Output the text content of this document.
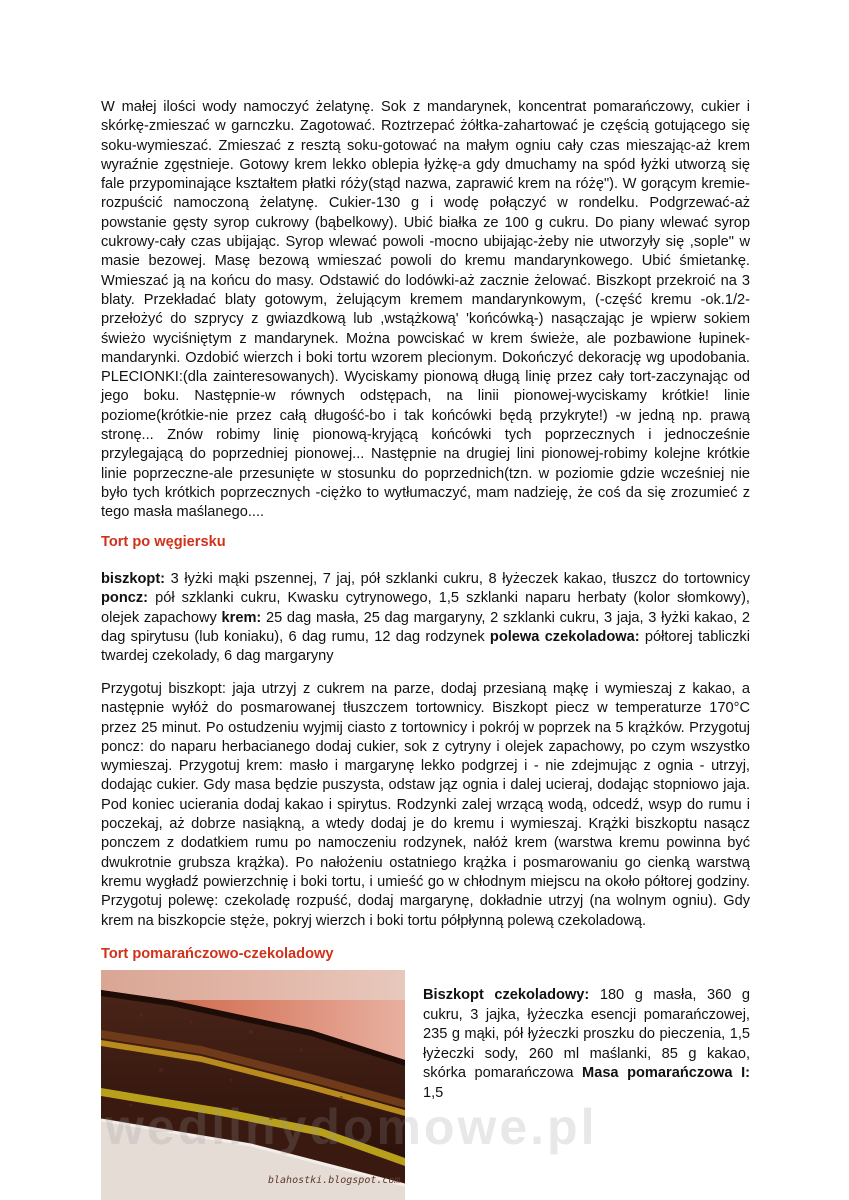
W małej ilości wody namoczyć żelatynę. Sok z mandarynek, koncentrat pomarańczowy, cukier i skórkę-zmieszać w garnczku. Zagotować. Roztrzepać żółtka-zahartować je częścią gotującego się soku-wymieszać. Zmieszać z resztą soku-gotować na małym ogniu cały czas mieszając-aż krem wyraźnie zgęstnieje. Gotowy krem lekko oblepia łyżkę-a gdy dmuchamy na spód łyżki utworzą się fale przypominające kształtem płatki róży(stąd nazwa, zaprawić krem na różę"). W gorącym kremie-rozpuścić namoczoną żelatynę. Cukier-130 g i wodę połączyć w rondelku. Podgrzewać-aż powstanie gęsty syrop cukrowy (bąbelkowy). Ubić białka ze 100 g cukru. Do piany wlewać syrop cukrowy-cały czas ubijając. Syrop wlewać powoli -mocno ubijając-żeby nie utworzyły się ,sople" w masie bezowej. Masę bezową wmieszać powoli do kremu mandarynkowego. Ubić śmietankę. Wmieszać ją na końcu do masy. Odstawić do lodówki-aż zacznie żelować. Biszkopt przekroić na 3 blaty. Przekładać blaty gotowym, żelującym kremem mandarynkowym, (-część kremu -ok.1/2-przełożyć do szprycy z gwiazdkową lub ,wstążkową' 'końcówką-) nasączając je wpierw sokiem świeżo wyciśniętym z mandarynek. Można powciskać w krem świeże, ale pozbawione łupinek-mandarynki. Ozdobić wierzch i boki tortu wzorem plecionym. Dokończyć dekorację wg upodobania. PLECIONKI:(dla zainteresowanych). Wyciskamy pionową długą linię przez cały tort-zaczynając od jego boku. Następnie-w równych odstępach, na linii pionowej-wyciskamy krótkie! linie poziome(krótkie-nie przez całą długość-bo i tak końcówki będą przykryte!) -w jedną np. prawą stronę... Znów robimy linię pionową-kryjącą końcówki tych poprzecznych i jednocześnie przylegającą do poprzedniej pionowej... Następnie na drugiej lini pionowej-robimy kolejne krótkie linie poprzeczne-ale przesunięte w stosunku do poprzednich(tzn. w poziomie gdzie wcześniej nie było tych krótkich poprzecznych -ciężko to wytłumaczyć, mam nadzieję, że coś da się zrozumieć z tego masła maślanego....

Tort po węgiersku

biszkopt: 3 łyżki mąki pszennej, 7 jaj, pół szklanki cukru, 8 łyżeczek kakao, tłuszcz do tortownicy poncz: pół szklanki cukru, Kwasku cytrynowego, 1,5 szklanki naparu herbaty (kolor słomkowy), olejek zapachowy krem: 25 dag masła, 25 dag margaryny, 2 szklanki cukru, 3 jaja, 3 łyżki kakao, 2 dag spirytusu (lub koniaku), 6 dag rumu, 12 dag rodzynek polewa czekoladowa: półtorej tabliczki twardej czekolady, 6 dag margaryny

Przygotuj biszkopt: jaja utrzyj z cukrem na parze, dodaj przesianą mąkę i wymieszaj z kakao, a następnie wyłóż do posmarowanej tłuszczem tortownicy. Biszkopt piecz w temperaturze 170°C przez 25 minut. Po ostudzeniu wyjmij ciasto z tortownicy i pokrój w poprzek na 5 krążków. Przygotuj poncz: do naparu herbacianego dodaj cukier, sok z cytryny i olejek zapachowy, po czym wszystko wymieszaj. Przygotuj krem: masło i margarynę lekko podgrzej i - nie zdejmując z ognia - utrzyj, dodając cukier. Gdy masa będzie puszysta, odstaw jąz ognia i dalej ucieraj, dodając stopniowo jaja. Pod koniec ucierania dodaj kakao i spirytus. Rodzynki zalej wrzącą wodą, odcedź, wsyp do rumu i poczekaj, aż dobrze nasiąkną, a wtedy dodaj je do kremu i wymieszaj. Krążki biszkoptu nasącz ponczem z dodatkiem rumu po namoczeniu rodzynek, nałóż krem (warstwa kremu powinna być dwukrotnie grubsza krążka). Po nałożeniu ostatniego krążka i posmarowaniu go cienką warstwą kremu wygładź powierzchnię i boki tortu, i umieść go w chłodnym miejscu na około półtorej godziny. Przygotuj polewę: czekoladę rozpuść, dodaj margarynę, dokładnie utrzyj (na wolnym ogniu). Gdy krem na biszkopcie stęże, pokryj wierzch i boki tortu półpłynną polewą czekoladową.

Tort pomarańczowo-czekoladowy
wedlinydomowe.pl
blahostki.blogspot.com

Biszkopt czekoladowy: 180 g masła, 360 g cukru, 3 jajka, łyżeczka esencji pomarańczowej, 235 g mąki, pół łyżeczki proszku do pieczenia, 1,5 łyżeczki sody, 260 ml maślanki, 85 g kakao, skórka pomarańczowa Masa pomarańczowa I: 1,5
